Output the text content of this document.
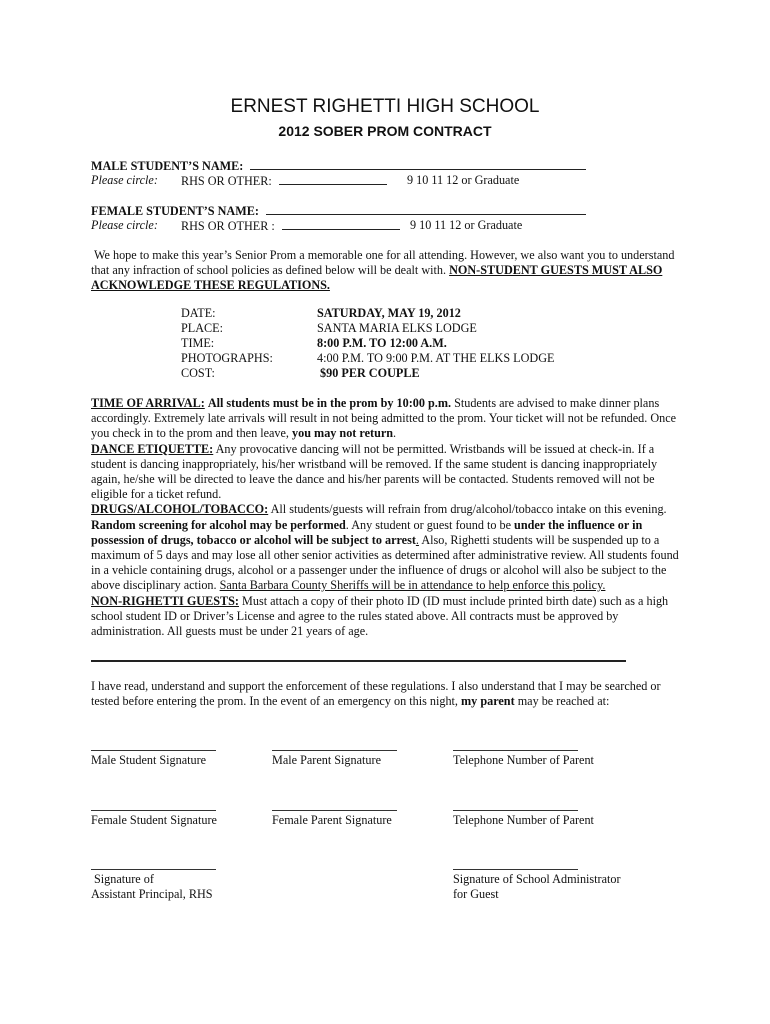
ERNEST RIGHETTI HIGH SCHOOL
2012 SOBER PROM CONTRACT
MALE STUDENT’S NAME:
Please circle: RHS OR OTHER:	9 10 11 12 or Graduate
FEMALE STUDENT’S NAME:
Please circle: RHS OR OTHER :	9 10 11 12 or Graduate
We hope to make this year’s Senior Prom a memorable one for all attending. However, we also want you to understand that any infraction of school policies as defined below will be dealt with. NON-STUDENT GUESTS MUST ALSO ACKNOWLEDGE THESE REGULATIONS.
DATE:	SATURDAY, MAY 19, 2012
PLACE:	SANTA MARIA ELKS LODGE
TIME:	8:00 P.M. TO 12:00 A.M.
PHOTOGRAPHS:	4:00 P.M. TO 9:00 P.M. AT THE ELKS LODGE
COST:	$90 PER COUPLE
TIME OF ARRIVAL: All students must be in the prom by 10:00 p.m. Students are advised to make dinner plans accordingly. Extremely late arrivals will result in not being admitted to the prom. Your ticket will not be refunded. Once you check in to the prom and then leave, you may not return.
DANCE ETIQUETTE: Any provocative dancing will not be permitted. Wristbands will be issued at check-in. If a student is dancing inappropriately, his/her wristband will be removed. If the same student is dancing inappropriately again, he/she will be directed to leave the dance and his/her parents will be contacted. Students removed will not be eligible for a ticket refund.
DRUGS/ALCOHOL/TOBACCO: All students/guests will refrain from drug/alcohol/tobacco intake on this evening. Random screening for alcohol may be performed. Any student or guest found to be under the influence or in possession of drugs, tobacco or alcohol will be subject to arrest. Also, Righetti students will be suspended up to a maximum of 5 days and may lose all other senior activities as determined after administrative review. All students found in a vehicle containing drugs, alcohol or a passenger under the influence of drugs or alcohol will also be subject to the above disciplinary action. Santa Barbara County Sheriffs will be in attendance to help enforce this policy.
NON-RIGHETTI GUESTS: Must attach a copy of their photo ID (ID must include printed birth date) such as a high school student ID or Driver’s License and agree to the rules stated above. All contracts must be approved by administration. All guests must be under 21 years of age.
I have read, understand and support the enforcement of these regulations. I also understand that I may be searched or tested before entering the prom. In the event of an emergency on this night, my parent may be reached at:
Male Student Signature	Male Parent Signature	Telephone Number of Parent
Female Student Signature	Female Parent Signature	Telephone Number of Parent
Signature of
Assistant Principal, RHS
Signature of School Administrator
for Guest
